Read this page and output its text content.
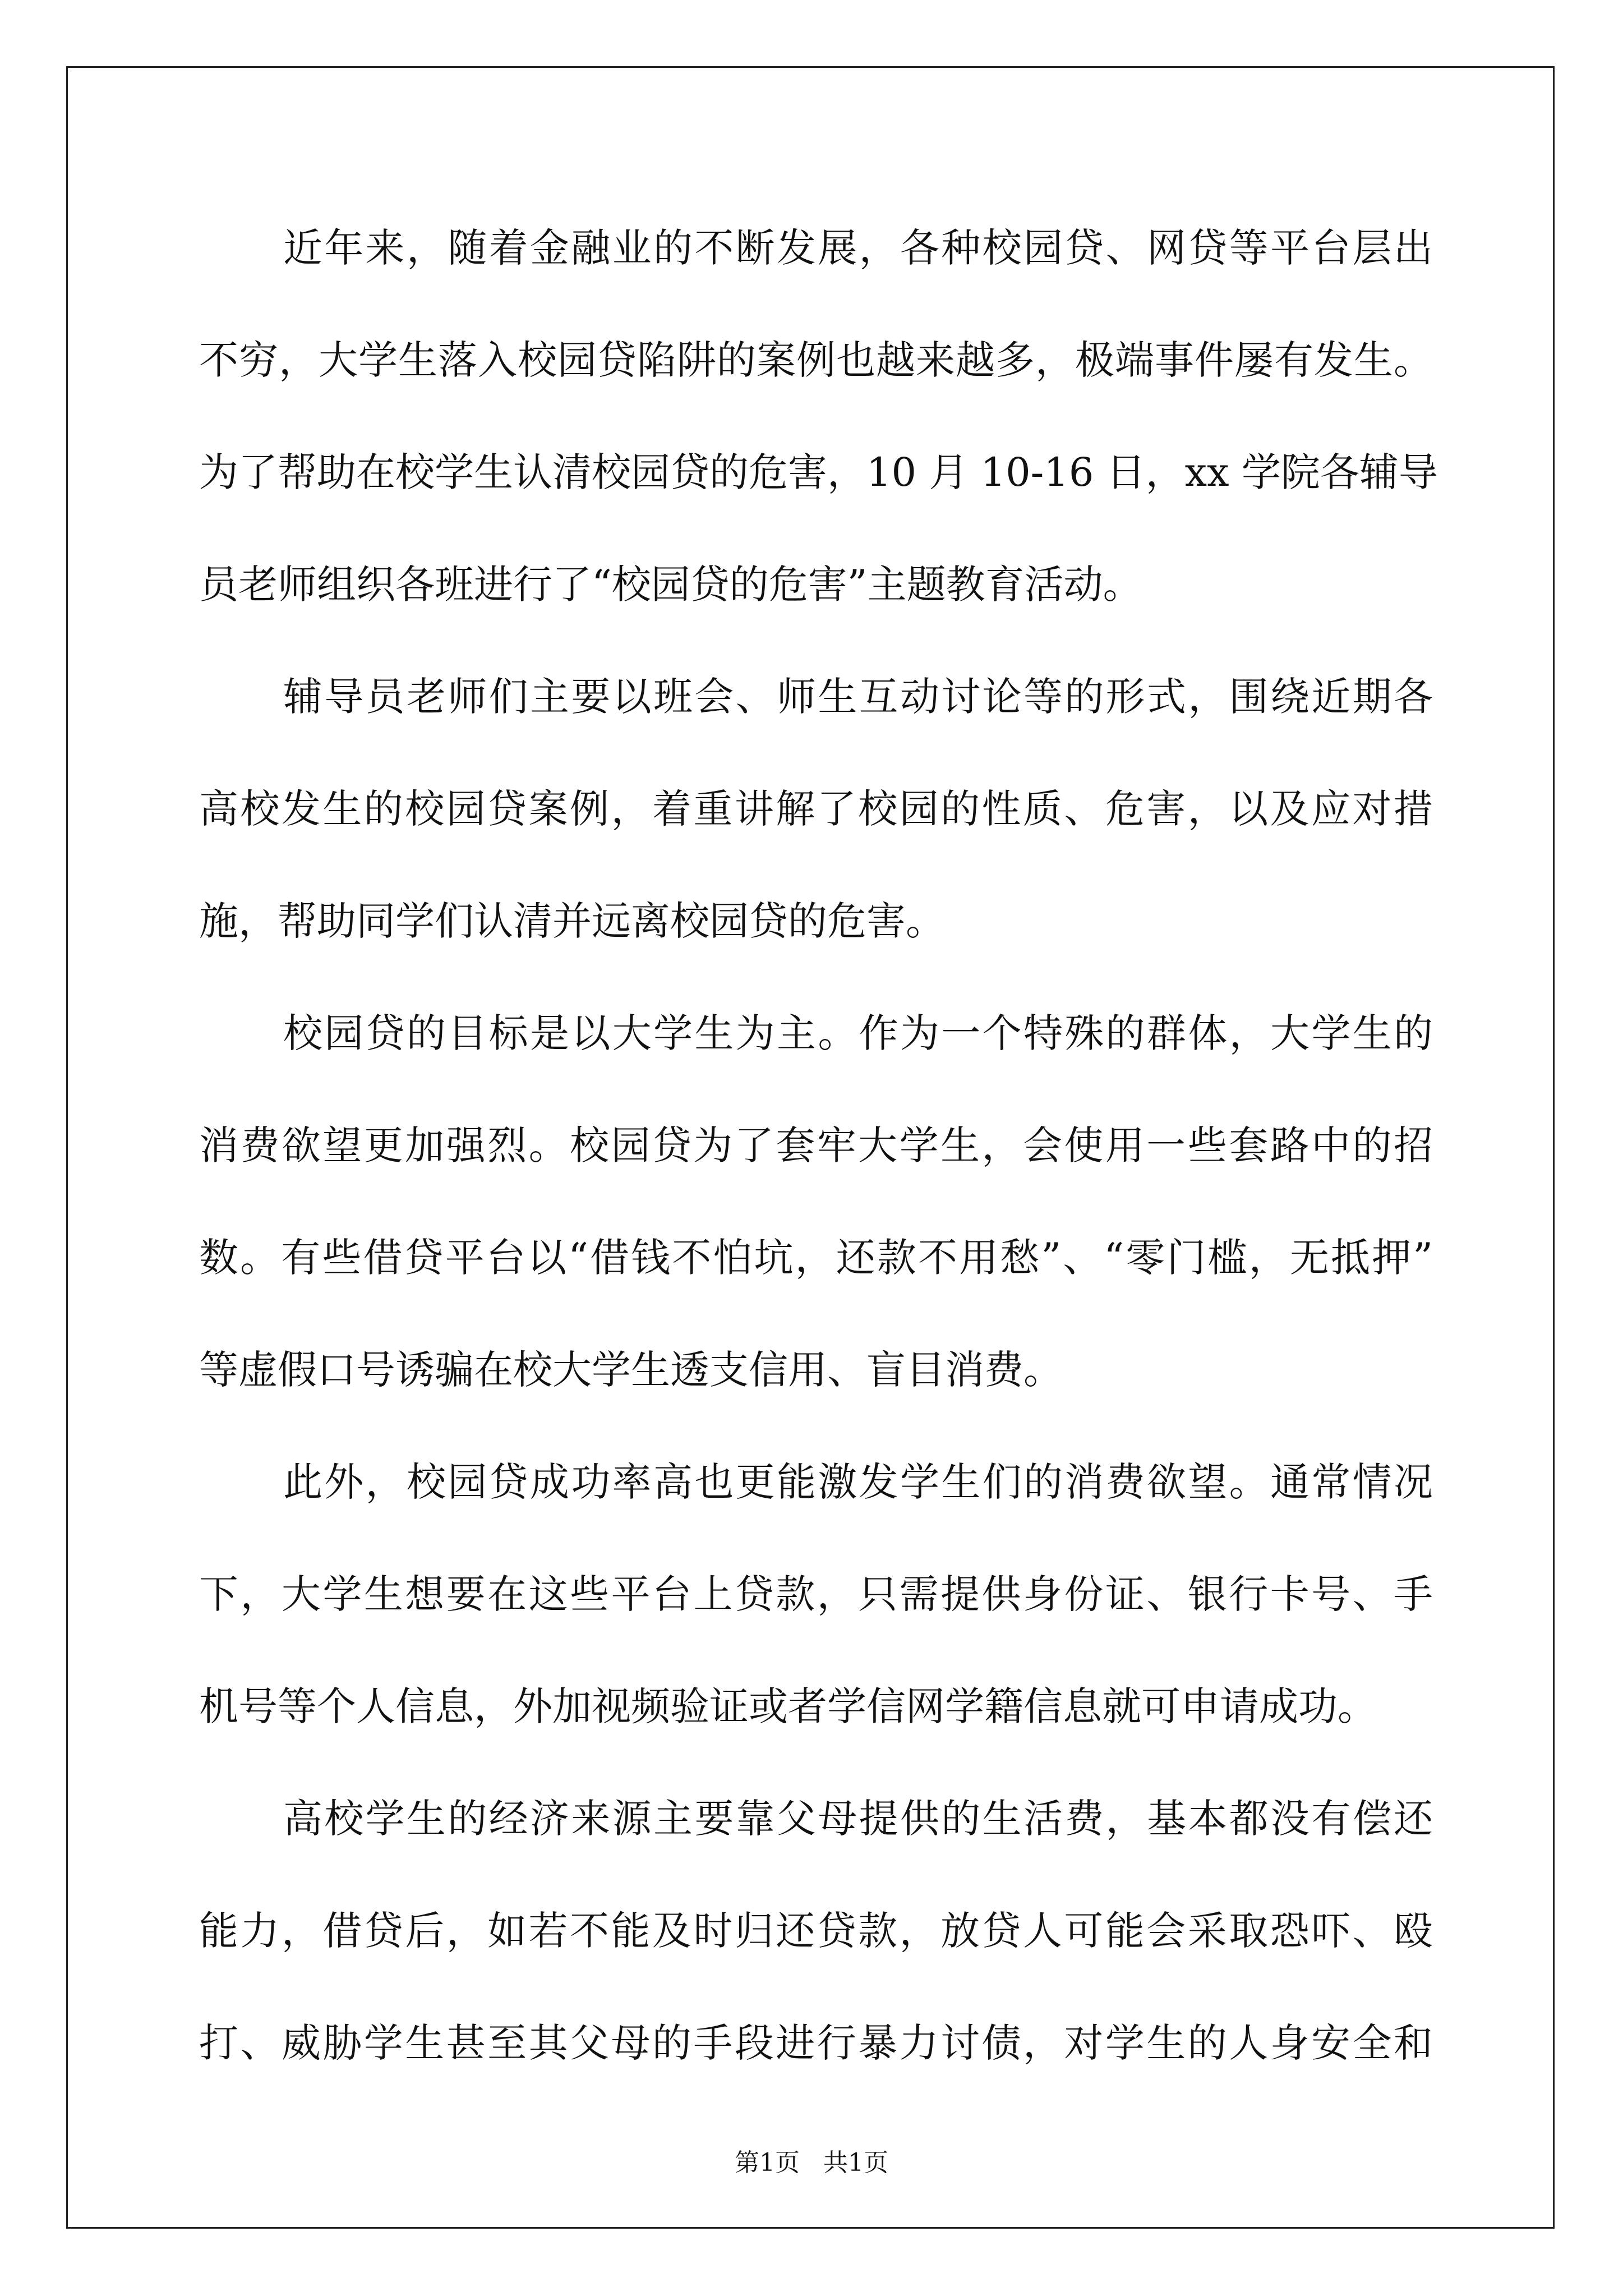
近年来，随着金融业的不断发展，各种校园贷、网贷等平台层出
不穷，大学生落入校园贷陷阱的案例也越来越多，极端事件屡有发生。
为了帮助在校学生认清校园贷的危害，10 月 10-16 日，xx 学院各辅导
员老师组织各班进行了“校园贷的危害”主题教育活动。
辅导员老师们主要以班会、师生互动讨论等的形式，围绕近期各
高校发生的校园贷案例，着重讲解了校园的性质、危害，以及应对措
施，帮助同学们认清并远离校园贷的危害。
校园贷的目标是以大学生为主。作为一个特殊的群体，大学生的
消费欲望更加强烈。校园贷为了套牢大学生，会使用一些套路中的招
数。有些借贷平台以“借钱不怕坑，还款不用愁”、“零门槛，无抵押”
等虚假口号诱骗在校大学生透支信用、盲目消费。
此外，校园贷成功率高也更能激发学生们的消费欲望。通常情况
下，大学生想要在这些平台上贷款，只需提供身份证、银行卡号、手
机号等个人信息，外加视频验证或者学信网学籍信息就可申请成功。
高校学生的经济来源主要靠父母提供的生活费，基本都没有偿还
能力，借贷后，如若不能及时归还贷款，放贷人可能会采取恐吓、殴
打、威胁学生甚至其父母的手段进行暴力讨债，对学生的人身安全和
第1页   共1页
